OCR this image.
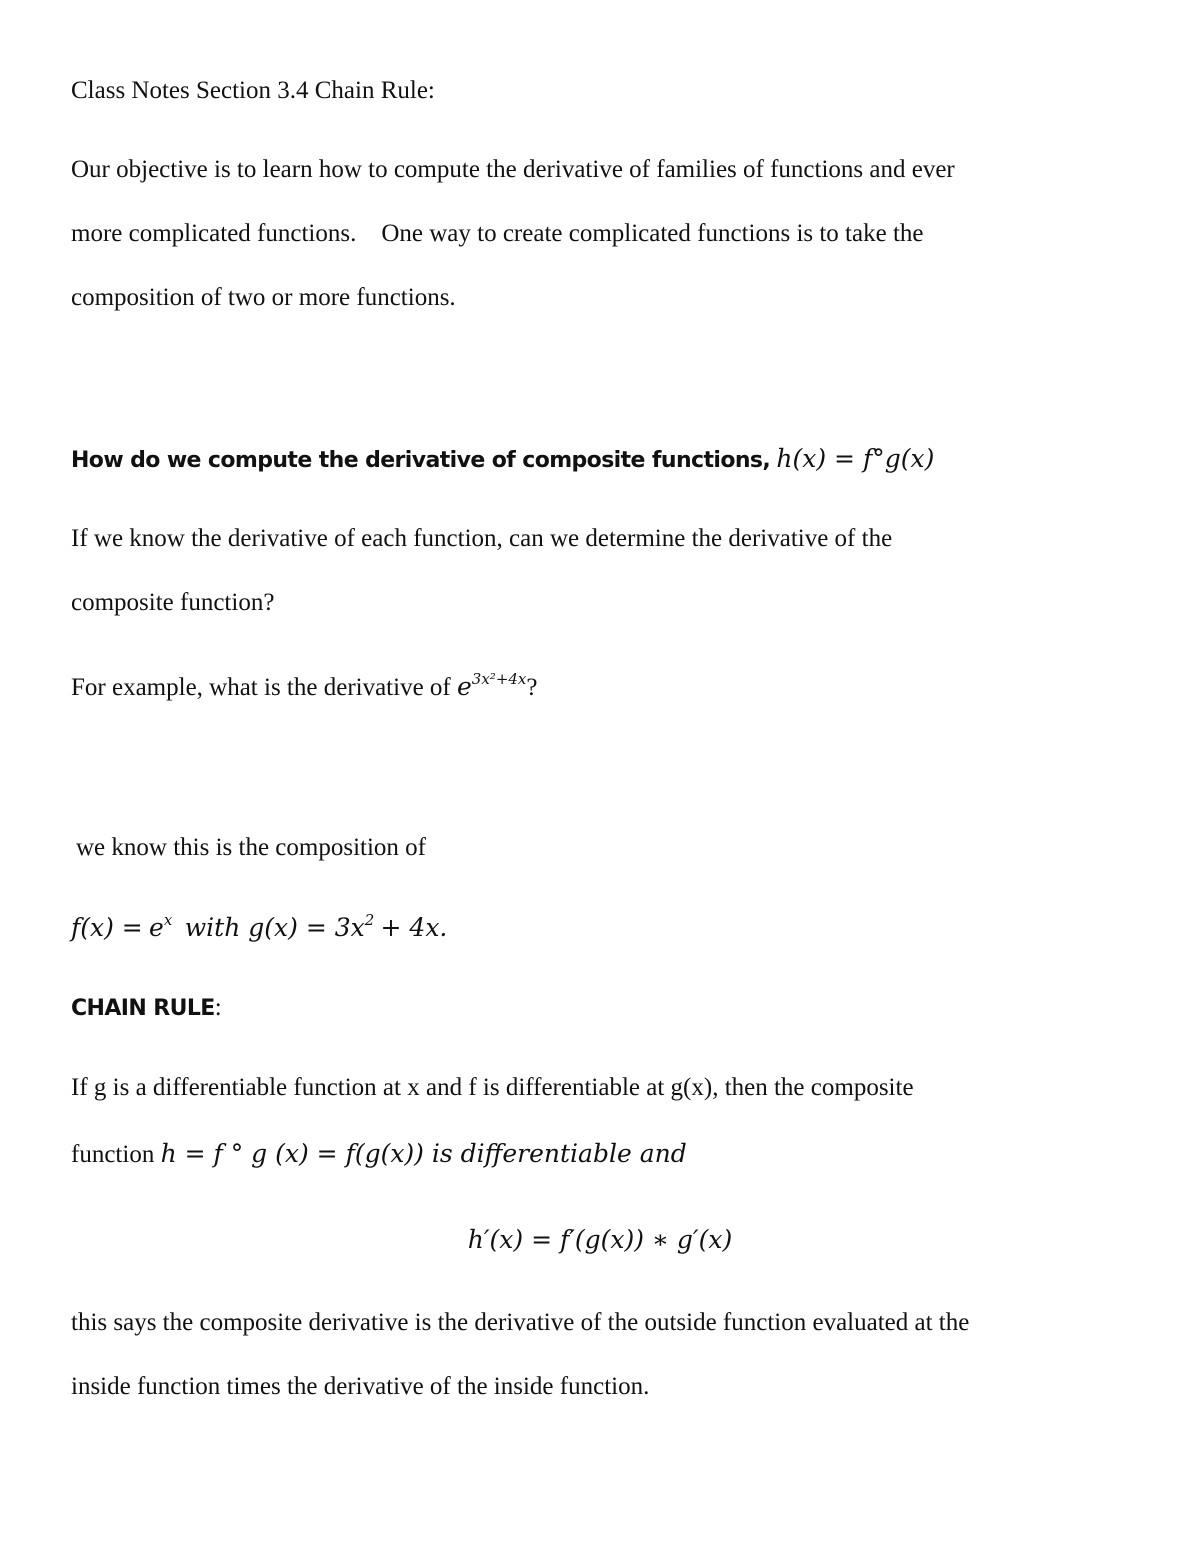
Class Notes Section 3.4 Chain Rule:
Our objective is to learn how to compute the derivative of families of functions and ever
more complicated functions.    One way to create complicated functions is to take the
composition of two or more functions.
How do we compute the derivative of composite functions, h(x) = f°g(x)
If we know the derivative of each function, can we determine the derivative of the
composite function?
For example, what is the derivative of $e^{3x^2+4x}$?
we know this is the composition of
$f(x) = e^x$ with $g(x) = 3x^2 + 4x$.
CHAIN RULE:
If g is a differentiable function at x and f is differentiable at g(x), then the composite
function h = f ° g (x) = f(g(x)) is differentiable and
h′(x) = f′(g(x)) ∗ g′(x)
this says the composite derivative is the derivative of the outside function evaluated at the
inside function times the derivative of the inside function.
